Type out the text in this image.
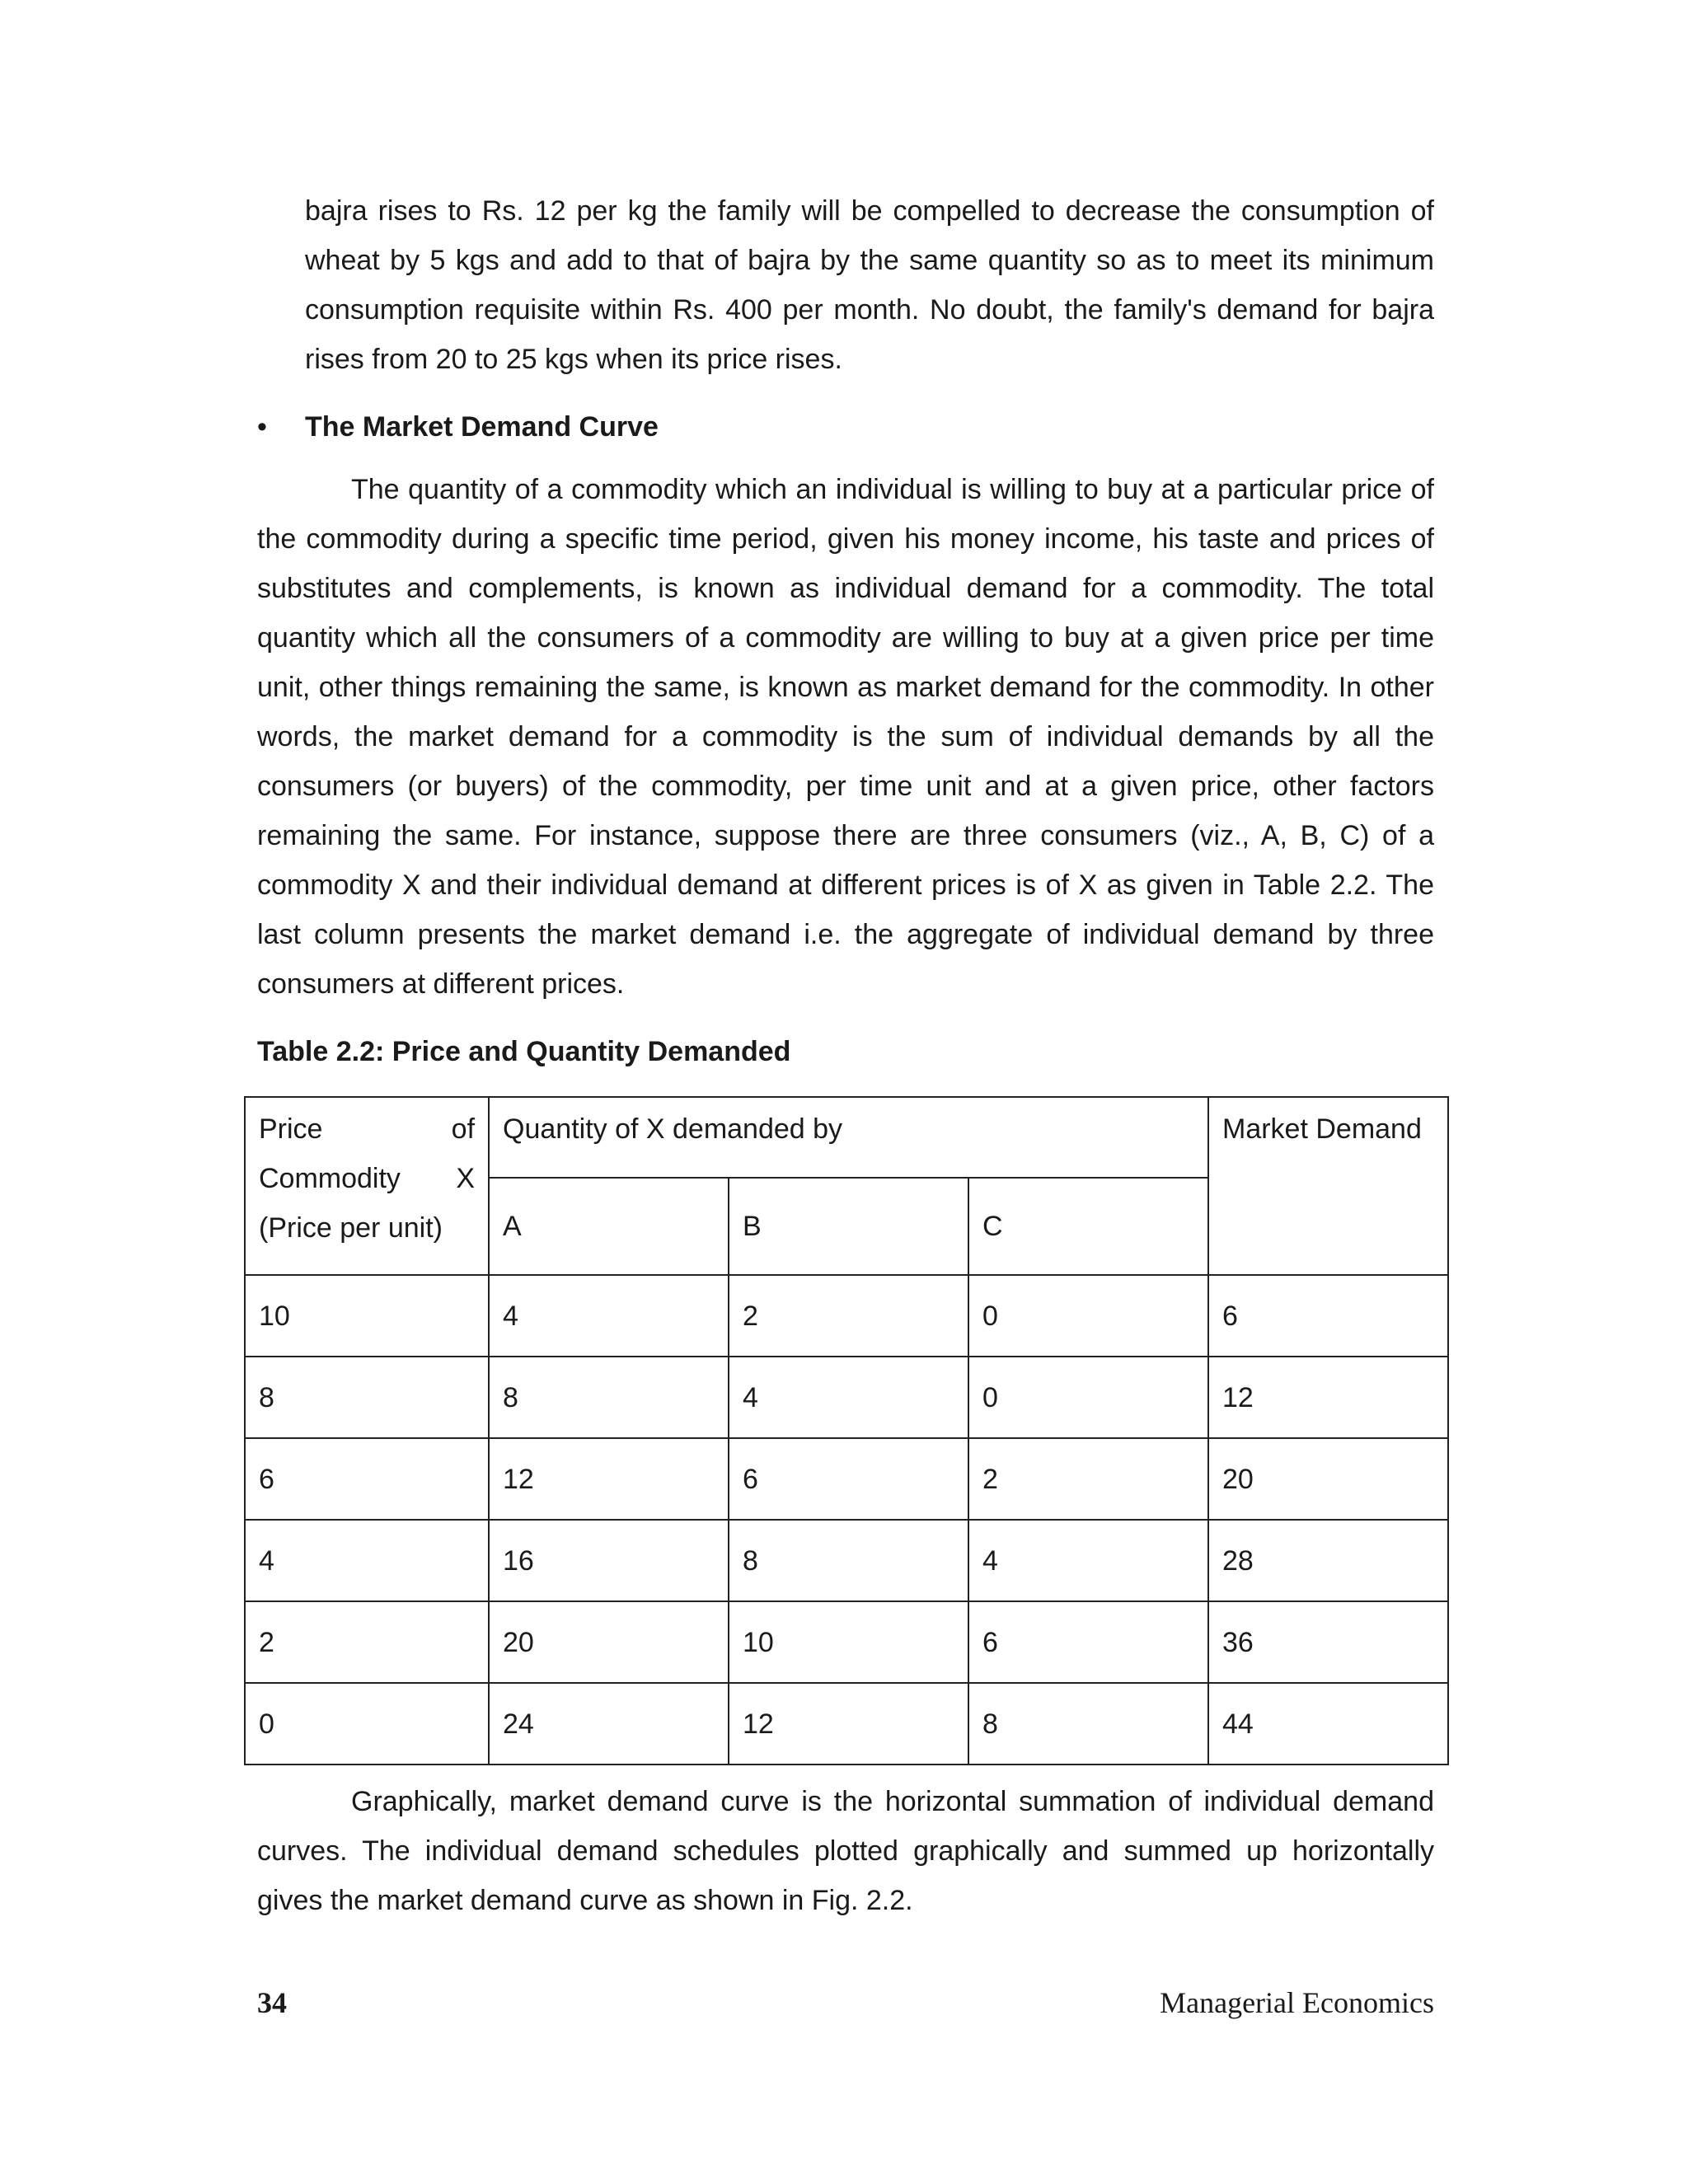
bajra rises to Rs. 12 per kg the family will be compelled to decrease the consumption of wheat by 5 kgs and add to that of bajra by the same quantity so as to meet its minimum consumption requisite within Rs. 400 per month. No doubt, the family's demand for bajra rises from 20 to 25 kgs when its price rises.

• The Market Demand Curve

The quantity of a commodity which an individual is willing to buy at a particular price of the commodity during a specific time period, given his money income, his taste and prices of substitutes and complements, is known as individual demand for a commodity. The total quantity which all the consumers of a commodity are willing to buy at a given price per time unit, other things remaining the same, is known as market demand for the commodity. In other words, the market demand for a commodity is the sum of individual demands by all the consumers (or buyers) of the commodity, per time unit and at a given price, other factors remaining the same. For instance, suppose there are three consumers (viz., A, B, C) of a commodity X and their individual demand at different prices is of X as given in Table 2.2. The last column presents the market demand i.e. the aggregate of individual demand by three consumers at different prices.

Table 2.2: Price and Quantity Demanded

Price of
Commodity X
(Price per unit)	Quantity of X demanded by			Market Demand
	A	B	C	
10	4	2	0	6
8	8	4	0	12
6	12	6	2	20
4	16	8	4	28
2	20	10	6	36
0	24	12	8	44

Graphically, market demand curve is the horizontal summation of individual demand curves. The individual demand schedules plotted graphically and summed up horizontally gives the market demand curve as shown in Fig. 2.2.

34	Managerial Economics
